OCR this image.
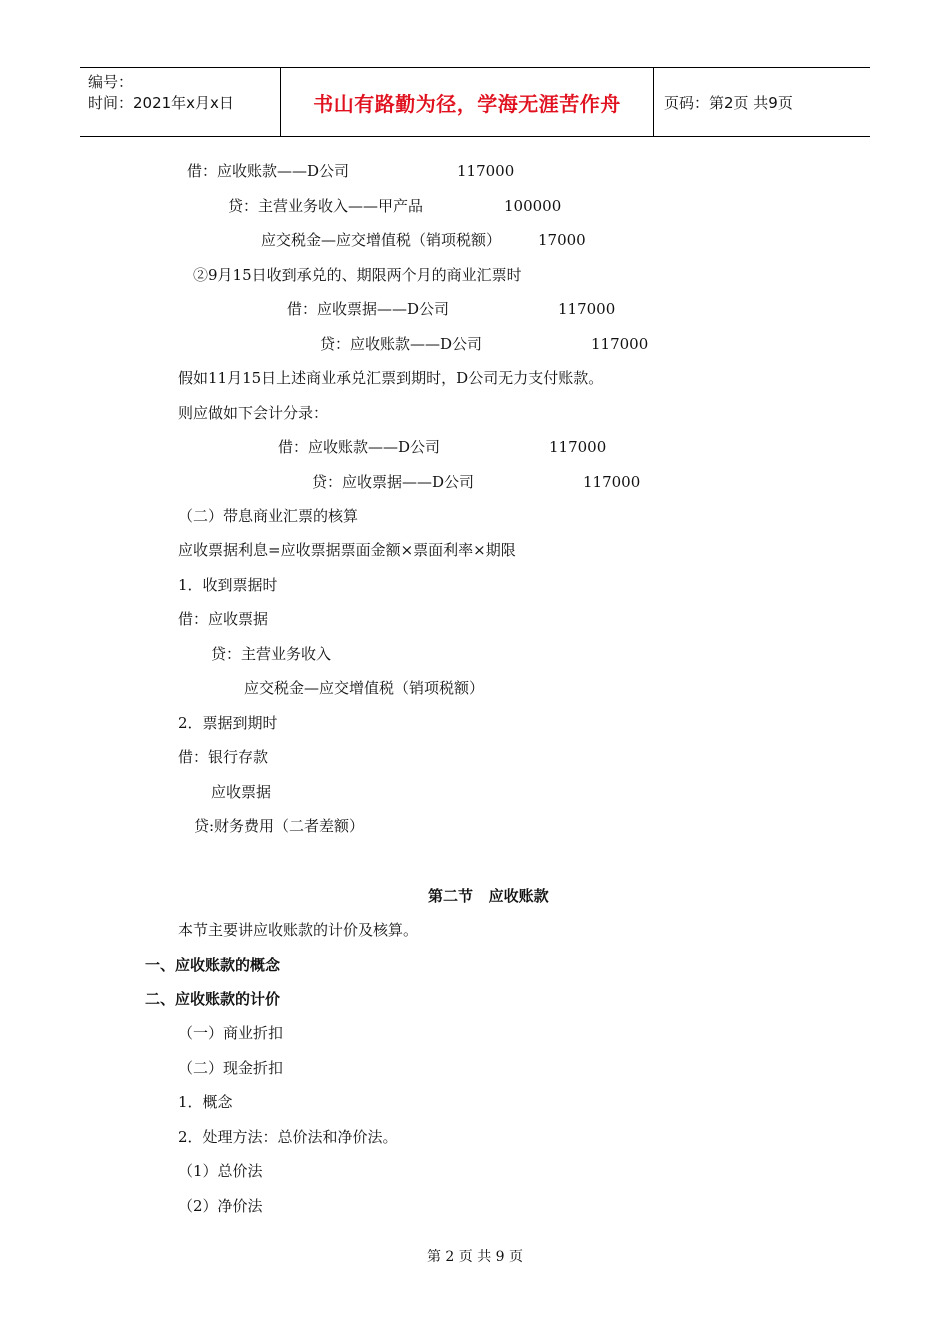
编号：
时间：2021年x月x日	书山有路勤为径，学海无涯苦作舟	页码：第2页 共9页
借：应收账款——D公司	117000
贷：主营业务收入——甲产品	100000
应交税金—应交增值税（销项税额） 17000
②9月15日收到承兑的、期限两个月的商业汇票时
借：应收票据——D公司	117000
贷：应收账款——D公司	117000
假如11月15日上述商业承兑汇票到期时，D公司无力支付账款。
则应做如下会计分录：
借：应收账款——D公司	117000
贷：应收票据——D公司	117000
（二）带息商业汇票的核算
应收票据利息=应收票据票面金额×票面利率×期限
1．收到票据时
借：应收票据
贷：主营业务收入
应交税金—应交增值税（销项税额）
2．票据到期时
借：银行存款
应收票据
贷:财务费用（二者差额）
第二节   应收账款
本节主要讲应收账款的计价及核算。
一、应收账款的概念
二、应收账款的计价
（一）商业折扣
（二）现金折扣
1．概念
2．处理方法：总价法和净价法。
（1）总价法
（2）净价法
第 2 页 共 9 页
